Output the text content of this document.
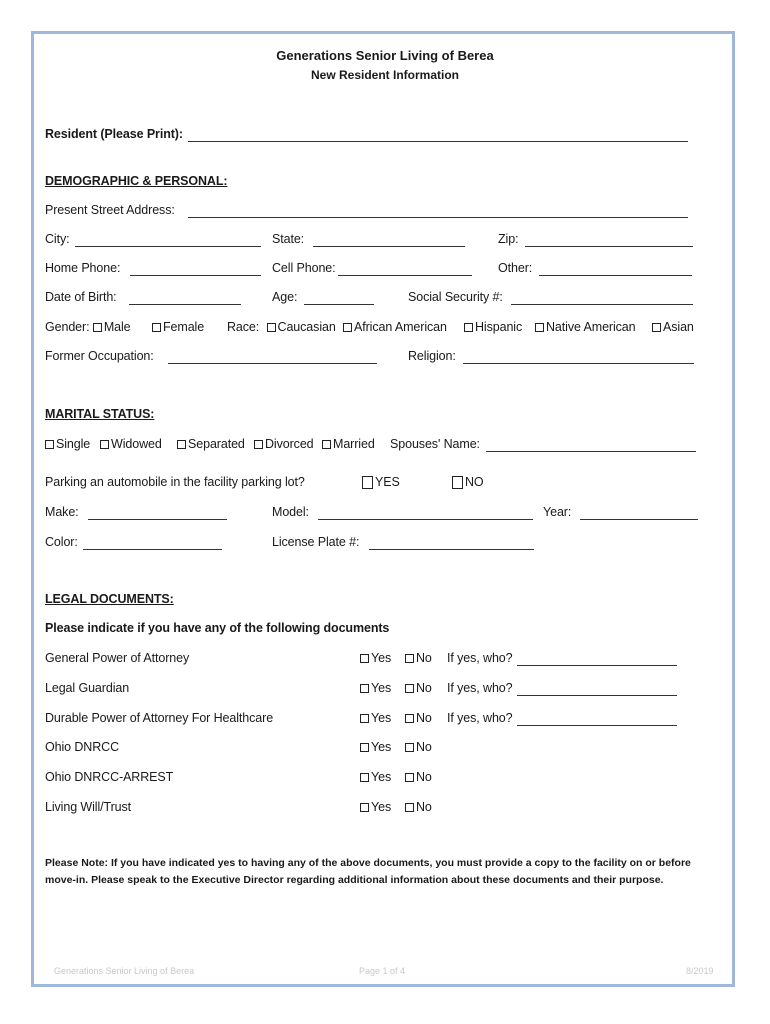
Generations Senior Living of Berea
New Resident Information
Resident (Please Print):
DEMOGRAPHIC & PERSONAL:
Present Street Address:
City:	State:	Zip:
Home Phone:	Cell Phone:	Other:
Date of Birth:	Age:	Social Security #:
Gender: Male	Female Race: Caucasian	African American	Hispanic	Native American	Asian
Former Occupation:	Religion:
MARITAL STATUS:
Single	Widowed	Separated	Divorced	Married Spouses' Name:
Parking an automobile in the facility parking lot?	YES	NO
Make:	Model:	Year:
Color:	License Plate #:
LEGAL DOCUMENTS:
Please indicate if you have any of the following documents
General Power of Attorney	Yes	No If yes, who?
Legal Guardian	Yes	No If yes, who?
Durable Power of Attorney For Healthcare	Yes	No If yes, who?
Ohio DNRCC	Yes	No
Ohio DNRCC-ARREST	Yes	No
Living Will/Trust	Yes	No
Please Note: If you have indicated yes to having any of the above documents, you must provide a copy to the facility on or before move-in. Please speak to the Executive Director regarding additional information about these documents and their purpose.
Generations Senior Living of Berea	Page 1 of 4	8/2019
